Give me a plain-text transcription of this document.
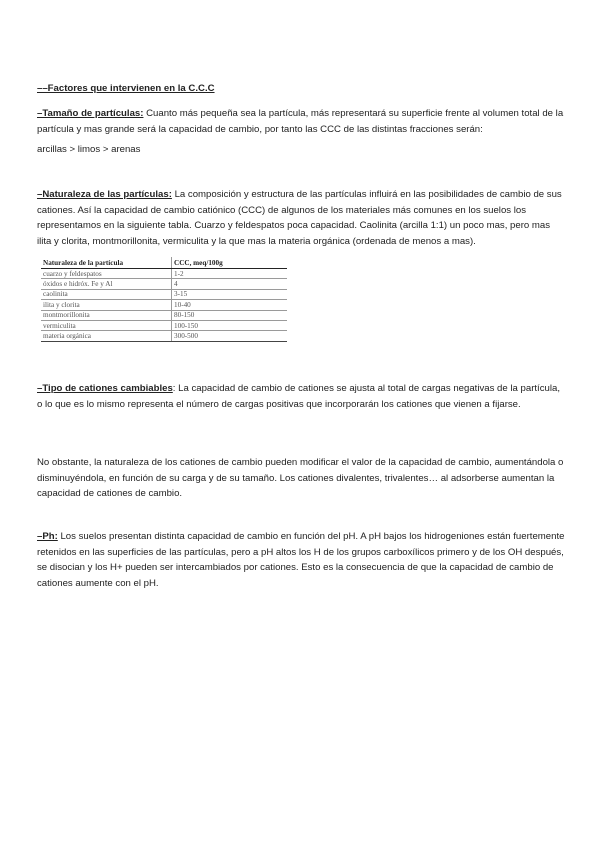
––Factores que intervienen en la C.C.C

–Tamaño de partículas: Cuanto más pequeña sea la partícula, más representará su superficie frente al volumen total de la partícula y mas grande será la capacidad de cambio, por tanto las CCC de las distintas fracciones serán:

arcillas > limos > arenas

–Naturaleza de las partículas: La composición y estructura de las partículas influirá en las posibilidades de cambio de sus cationes. Así la capacidad de cambio catiónico (CCC) de algunos de los materiales más comunes en los suelos los representamos en la siguiente tabla. Cuarzo y feldespatos poca capacidad. Caolinita (arcilla 1:1) un poco mas, pero mas ilita y clorita, montmorillonita, vermiculita y la que mas la materia orgánica (ordenada de menos a mas).

Naturaleza de la partícula	CCC, meq/100g
cuarzo y feldespatos	1-2
óxidos e hidróx. Fe y Al	4
caolinita	3-15
ilita y clorita	10-40
montmorillonita	80-150
vermiculita	100-150
materia orgánica	300-500

–Tipo de cationes cambiables: La capacidad de cambio de cationes se ajusta al total de cargas negativas de la partícula, o lo que es lo mismo representa el número de cargas positivas que incorporarán los cationes que vienen a fijarse.

No obstante, la naturaleza de los cationes de cambio pueden modificar el valor de la capacidad de cambio, aumentándola o disminuyéndola, en función de su carga y de su tamaño. Los cationes divalentes, trivalentes… al adsorberse aumentan la capacidad de cationes de cambio.

–Ph: Los suelos presentan distinta capacidad de cambio en función del pH. A pH bajos los hidrogeniones están fuertemente retenidos en las superficies de las partículas, pero a pH altos los H de los grupos carboxílicos primero y de los OH después, se disocian y los H+ pueden ser intercambiados por cationes. Esto es la consecuencia de que la capacidad de cambio de cationes aumente con el pH.
